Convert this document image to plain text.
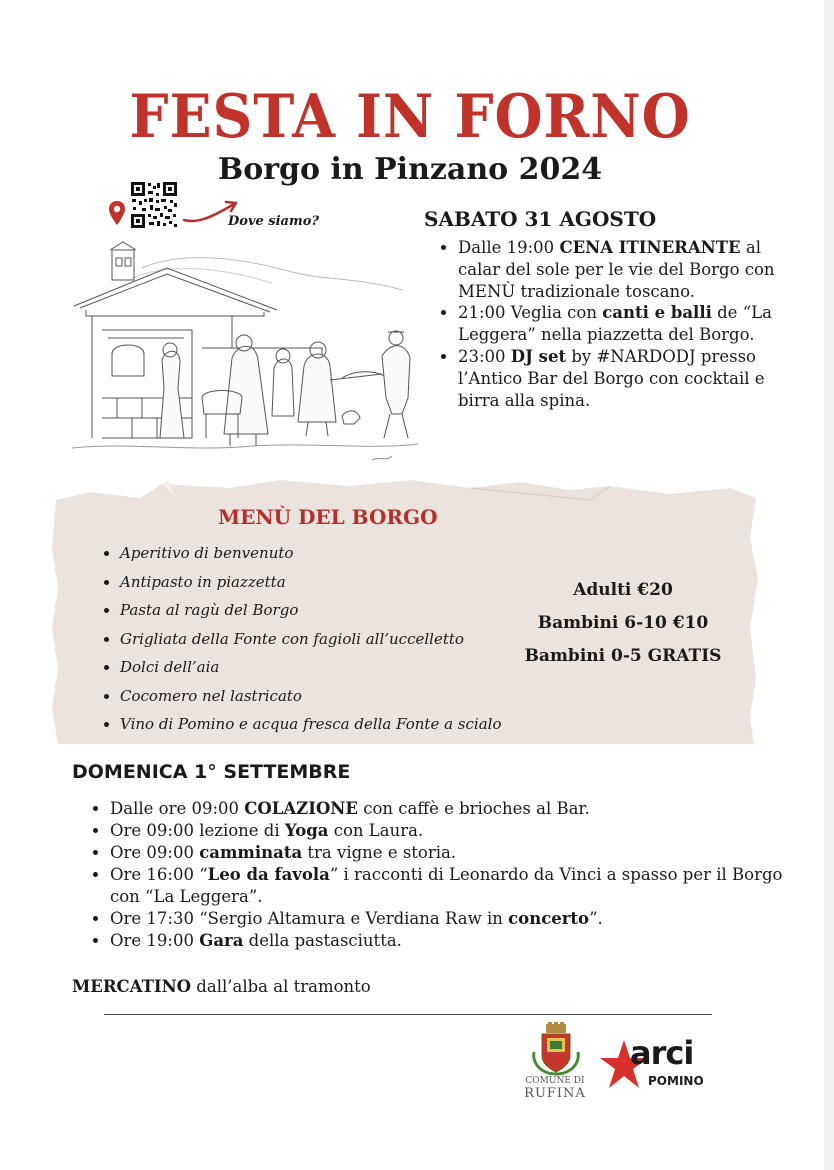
FESTA IN FORNO
Borgo in Pinzano 2024
Dove siamo?	SABATO 31 AGOSTO
• Dalle 19:00 CENA ITINERANTE al calar del sole per le vie del Borgo con MENÙ tradizionale toscano.
• 21:00 Veglia con canti e balli de “La Leggera” nella piazzetta del Borgo.
• 23:00 DJ set by #NARDODJ presso l’Antico Bar del Borgo con cocktail e birra alla spina.
MENÙ DEL BORGO
• Aperitivo di benvenuto
• Antipasto in piazzetta
• Pasta al ragù del Borgo
• Grigliata della Fonte con fagioli all’uccelletto
• Dolci dell’aia
• Cocomero nel lastricato
• Vino di Pomino e acqua fresca della Fonte a scialo
Adulti €20
Bambini 6-10 €10
Bambini 0-5 GRATIS
DOMENICA 1° SETTEMBRE
• Dalle ore 09:00 COLAZIONE con caffè e brioches al Bar.
• Ore 09:00 lezione di Yoga con Laura.
• Ore 09:00 camminata tra vigne e storia.
• Ore 16:00 “Leo da favola” i racconti di Leonardo da Vinci a spasso per il Borgo con “La Leggera”.
• Ore 17:30 “Sergio Altamura e Verdiana Raw in concerto”.
• Ore 19:00 Gara della pastasciutta.
MERCATINO dall’alba al tramonto
COMUNE DI
RUFINA
arci
POMINO
